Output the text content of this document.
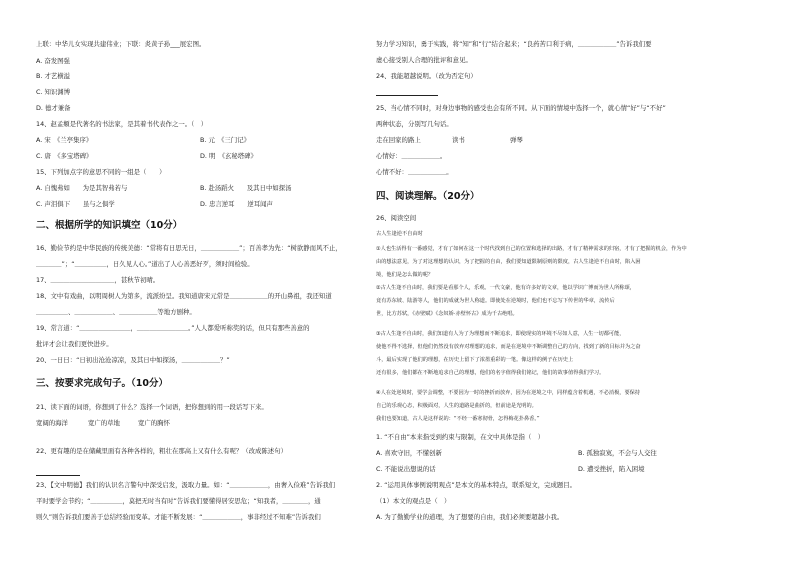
上联：中华儿女实现共建伟业；下联：炎黄子孙___展宏图。
A. 奋发图强
B. 才艺横溢
C. 知识渊博
D. 德才兼备
14、赵孟頫是代著名的书法家，是其着书代表作之一。（　）
A. 宋　《兰亭集序》	B. 元　《三门记》
C. 唐　《多宝塔碑》	D. 明　《玄秘塔碑》
15、下列加点字的意思不同的一组是（　　）
A. 自愧弗如　　为是其智弗若与	B. 赴汤蹈火　　及其日中如探汤
C. 声泪俱下　　虽与之俱学	D. 忠言逆耳　　逆耳闻声
二、根据所学的知识填空（10分）
16、勤俭节约是中华民族的传统美德：“常将有日思无日，＿＿＿＿＿＿”；百善孝为先：“树欲静而风不止，
＿＿＿＿”；“＿＿＿＿＿，日久见人心。”道出了人心善恶好歹，须时间检验。
17、＿＿＿＿＿＿＿＿＿＿，甚秋节初晴。
18、文中有戏曲，以明周树人为第多，流派纷呈。我知道唐宋元常是＿＿＿＿＿＿的开山鼻祖，我还知道
＿＿＿＿＿、＿＿＿＿＿＿、＿＿＿＿＿＿等地方剧种。
19、常言道：“＿＿＿＿＿＿＿＿，＿＿＿＿＿＿＿＿。”人人都爱听称奖的话，但只有那些善意的
批评才会让我们更快进步。
20、一日曰：“日初出沧沧凉凉，及其日中如探汤，＿＿＿＿＿＿？”
三、按要求完成句子。（10分）
21、读下面的词语，你想到了什么？选择一个词语，把你想到的用一段话写下来。
宽阔的海洋	宽广的草地	宽广的胸怀
22、更有趣的是在储藏里面有各种各样的，粗壮在那高上又有什么有呢？（改成陈述句）
23、【文中明德】我们的认识名言警句中深受启发，汲取力量。如：“＿＿＿＿＿＿，由奢入俭难”告诉我们
平时要学会节约；“＿＿＿＿＿，莫把无时当有时”告诉我们要懂得居安思危；“知我者，＿＿＿＿，通
则久”则告诉我们要善于总结经验而变革。才能不断发展：“＿＿＿＿＿＿，事非经过不知难”告诉我们
努力学习知识，勇于实践，将“知”和“行”结合起来；“良药苦口利于病，＿＿＿＿＿＿”告诉我们要
虚心接受别人合理的批评和意见。
24、我能超越说明。（改为否定句）
25、当心情不同时，对身边事物的感受也会有所不同。从下面的情境中选择一个，就心情“好”与“不好”
两种状态，分别写几句话。
走在回家的路上	读书	弹琴
心情好：＿＿＿＿＿＿。
心情不好：＿＿＿＿＿＿。
四、阅读理解。（20分）
26、阅读空间
古人生逢逆不自由时
①人也生活得有一番感觉，才有了如何在这一个时代找到自己的位置和选择的出路，才有了精神需求的归宿，才有了把握的机会，作为中
由的想法意见，为了对这理想的认识，为了把握的自由，我们要知道限制原则的限度，古人生逢逆不自由时，陷入困
境，他们是怎么做的呢？
②古人生逢不自由时，我们要是看那个人，乐观。一代文豪，他有许多好的文章，他以学识广博而为世人所称颂，
竟有苏东坡、陆游等人，他们的成就为世人称道。即使处在逆境时，他们也不忘写下传世的华章，流传后
世，比方苏轼，《赤壁赋》《念奴娇·赤壁怀古》成为千古绝唱。
③古人生逢不自由时，我们知道有人为了为理想而不断追求，即使现实的环境不尽如人意，人生一切都可能，
使他不得不选择，但他们仍然没有放弃对理想的追求，而是在逆境中不断调整自己的方向，找到了新的目标并为之奋
斗，最后实现了他们的理想，在历史上留下了浓墨重彩的一笔。像这样的例子在历史上
还有很多，他们都在不断地追求自己的理想，他们的名字值得我们铭记，他们的故事值得我们学习。
④人在处逆境时，要学会调整，不要因为一时的挫折而放弃，因为在逆境之中，同样蕴含着机遇，不必消极，要保持
自己的乐观心态，积极面对，人生的道路是曲折的，但前途是光明的。
我们也要知道，古人是这样说的：“不经一番寒彻骨，怎得梅花扑鼻香。”
1. “不自由”本来指受到约束与限制，在文中具体是指（　）
A. 喜欢守旧，不懂创新	B. 孤独寂寞，不会与人交往
C. 不能说出想说的话	D. 遭受挫折，陷入困境
2. “运用具体事例说明观点”是本文的基本特点，联系短文，完成题目。
（1）本文的观点是（　）
A. 为了勤勤学业的道理，为了想要的自由，我们必须要超越小我。
